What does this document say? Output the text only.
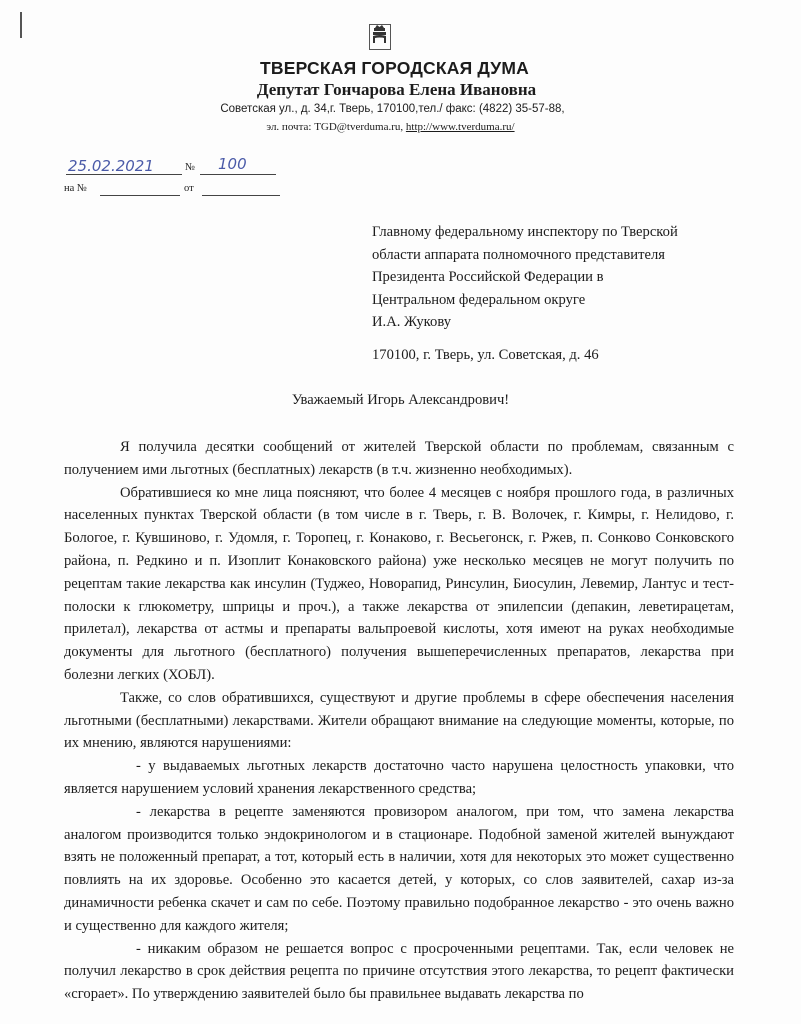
ТВЕРСКАЯ ГОРОДСКАЯ ДУМА
Депутат Гончарова Елена Ивановна
Советская ул., д. 34,г. Тверь, 170100,тел./ факс: (4822) 35-57-88,
эл. почта: TGD@tverduma.ru, http://www.tverduma.ru/
25.02.2021	№ 100
на №	от
Главному федеральному инспектору по Тверской
области аппарата полномочного представителя
Президента Российской Федерации в
Центральном федеральном округе
И.А. Жукову
170100, г. Тверь, ул. Советская, д. 46
Уважаемый Игорь Александрович!

Я получила десятки сообщений от жителей Тверской области по проблемам, связанным с получением ими льготных (бесплатных) лекарств (в т.ч. жизненно необходимых).

Обратившиеся ко мне лица поясняют, что более 4 месяцев с ноября прошлого года, в различных населенных пунктах Тверской области (в том числе в г. Тверь, г. В. Волочек, г. Кимры, г. Нелидово, г. Бологое, г. Кувшиново, г. Удомля, г. Торопец, г. Конаково, г. Весьегонск, г. Ржев, п. Сонково Сонковского района, п. Редкино и п. Изоплит Конаковского района) уже несколько месяцев не могут получить по рецептам такие лекарства как инсулин (Туджео, Новорапид, Ринсулин, Биосулин, Левемир, Лантус и тест-полоски к глюкометру, шприцы и проч.), а также лекарства от эпилепсии (депакин, леветирацетам, прилетал), лекарства от астмы и препараты вальпроевой кислоты, хотя имеют на руках необходимые документы для льготного (бесплатного) получения вышеперечисленных препаратов, лекарства при болезни легких (ХОБЛ).

Также, со слов обратившихся, существуют и другие проблемы в сфере обеспечения населения льготными (бесплатными) лекарствами. Жители обращают внимание на следующие моменты, которые, по их мнению, являются нарушениями:

- у выдаваемых льготных лекарств достаточно часто нарушена целостность упаковки, что является нарушением условий хранения лекарственного средства;

- лекарства в рецепте заменяются провизором аналогом, при том, что замена лекарства аналогом производится только эндокринологом и в стационаре. Подобной заменой жителей вынуждают взять не положенный препарат, а тот, который есть в наличии, хотя для некоторых это может существенно повлиять на их здоровье. Особенно это касается детей, у которых, со слов заявителей, сахар из-за динамичности ребенка скачет и сам по себе. Поэтому правильно подобранное лекарство - это очень важно и существенно для каждого жителя;

- никаким образом не решается вопрос с просроченными рецептами. Так, если человек не получил лекарство в срок действия рецепта по причине отсутствия этого лекарства, то рецепт фактически «сгорает». По утверждению заявителей было бы правильнее выдавать лекарства по
